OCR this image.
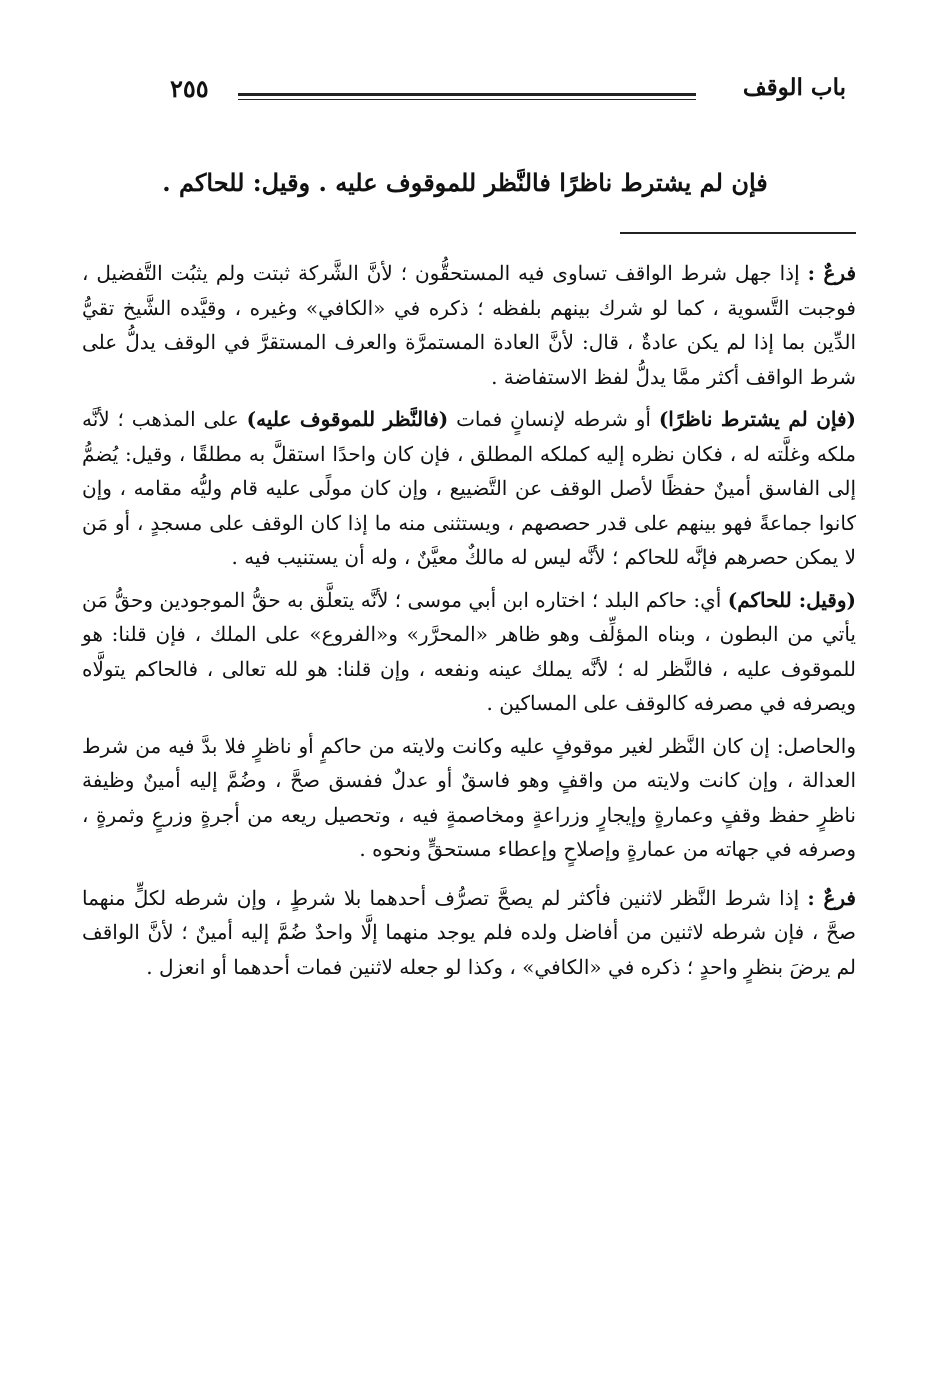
باب الوقف
٢٥٥
فإن لم يشترط ناظرًا فالنَّظر للموقوف عليه . وقيل: للحاكم .

فرعٌ : إذا جهل شرط الواقف تساوى فيه المستحقُّون ؛ لأنَّ الشَّركة ثبتت ولم يثبُت التَّفضيل ، فوجبت التَّسوية ، كما لو شرك بينهم بلفظه ؛ ذكره في «الكافي» وغيره ، وقيَّده الشَّيخ تقيُّ الدِّين بما إذا لم يكن عادةٌ ، قال: لأنَّ العادة المستمرَّة والعرف المستقرَّ في الوقف يدلُّ على شرط الواقف أكثر ممَّا يدلُّ لفظ الاستفاضة .

(فإن لم يشترط ناظرًا) أو شرطه لإنسانٍ فمات (فالنَّظر للموقوف عليه) على المذهب ؛ لأنَّه ملكه وغلَّته له ، فكان نظره إليه كملكه المطلق ، فإن كان واحدًا استقلَّ به مطلقًا ، وقيل: يُضمُّ إلى الفاسق أمينٌ حفظًا لأصل الوقف عن التَّضييع ، وإن كان مولًى عليه قام وليُّه مقامه ، وإن كانوا جماعةً فهو بينهم على قدر حصصهم ، ويستثنى منه ما إذا كان الوقف على مسجدٍ ، أو مَن لا يمكن حصرهم فإنَّه للحاكم ؛ لأنَّه ليس له مالكٌ معيَّنٌ ، وله أن يستنيب فيه .

(وقيل: للحاكم) أي: حاكم البلد ؛ اختاره ابن أبي موسى ؛ لأنَّه يتعلَّق به حقُّ الموجودين وحقُّ مَن يأتي من البطون ، وبناه المؤلِّف وهو ظاهر «المحرَّر» و«الفروع» على الملك ، فإن قلنا: هو للموقوف عليه ، فالنَّظر له ؛ لأنَّه يملك عينه ونفعه ، وإن قلنا: هو لله تعالى ، فالحاكم يتولَّاه ويصرفه في مصرفه كالوقف على المساكين .

والحاصل: إن كان النَّظر لغير موقوفٍ عليه وكانت ولايته من حاكمٍ أو ناظرٍ فلا بدَّ فيه من شرط العدالة ، وإن كانت ولايته من واقفٍ وهو فاسقٌ أو عدلٌ ففسق صحَّ ، وضُمَّ إليه أمينٌ وظيفة ناظرٍ حفظ وقفٍ وعمارةٍ وإيجارٍ وزراعةٍ ومخاصمةٍ فيه ، وتحصيل ريعه من أجرةٍ وزرعٍ وثمرةٍ ، وصرفه في جهاته من عمارةٍ وإصلاحٍ وإعطاء مستحقٍّ ونحوه .

فرعٌ : إذا شرط النَّظر لاثنين فأكثر لم يصحَّ تصرُّف أحدهما بلا شرطٍ ، وإن شرطه لكلٍّ منهما صحَّ ، فإن شرطه لاثنين من أفاضل ولده فلم يوجد منهما إلَّا واحدٌ ضُمَّ إليه أمينٌ ؛ لأنَّ الواقف لم يرضَ بنظرٍ واحدٍ ؛ ذكره في «الكافي» ، وكذا لو جعله لاثنين فمات أحدهما أو انعزل .
